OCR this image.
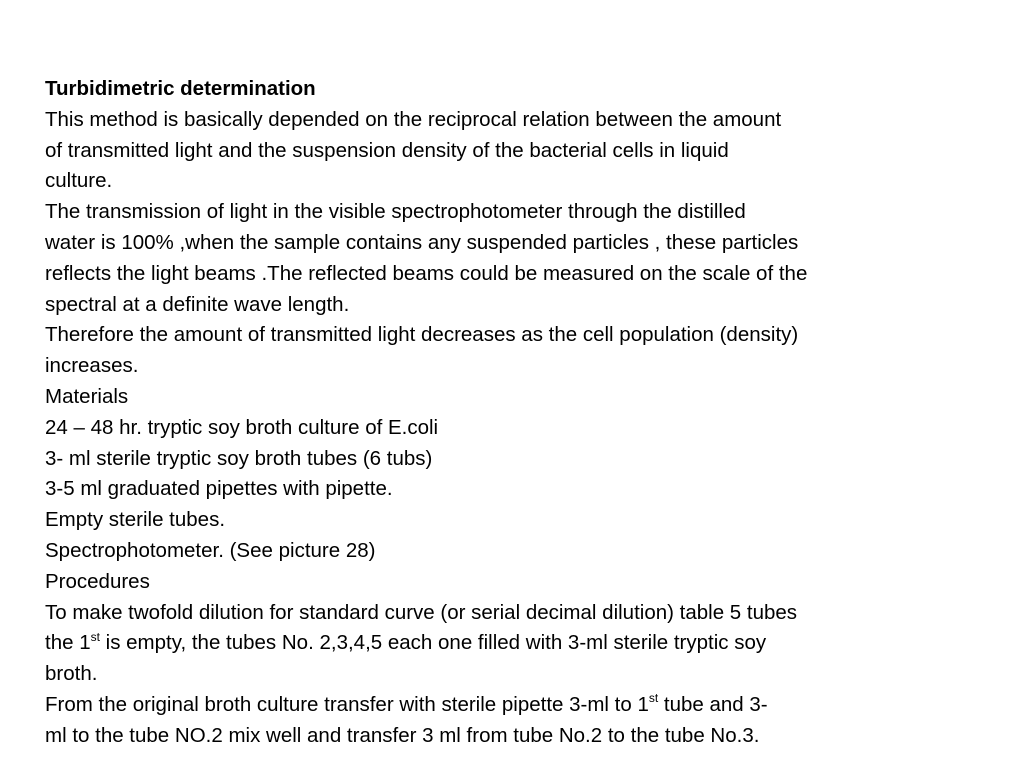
Turbidimetric determination
This method is basically depended on the reciprocal relation between the amount
of transmitted light and the suspension density of the bacterial cells in liquid
culture.
The transmission of light in the visible spectrophotometer through the distilled
water is 100% ,when the sample contains any suspended particles , these particles
reflects the light beams .The reflected beams could be measured on the scale of the
spectral at a definite wave length.
Therefore the amount of transmitted light decreases as the cell population (density)
increases.
Materials
24 – 48 hr. tryptic soy broth culture of E.coli
3- ml sterile tryptic soy broth tubes (6 tubs)
3-5 ml graduated pipettes with pipette.
Empty sterile tubes.
Spectrophotometer. (See picture 28)
Procedures
To make twofold dilution for standard curve (or serial decimal dilution) table 5 tubes
the 1st is empty, the tubes No. 2,3,4,5 each one filled with 3-ml sterile tryptic soy
broth.
From the original broth culture transfer with sterile pipette 3-ml to 1st tube and 3-
ml to the tube NO.2 mix well and transfer 3 ml from tube No.2 to the tube No.3.
